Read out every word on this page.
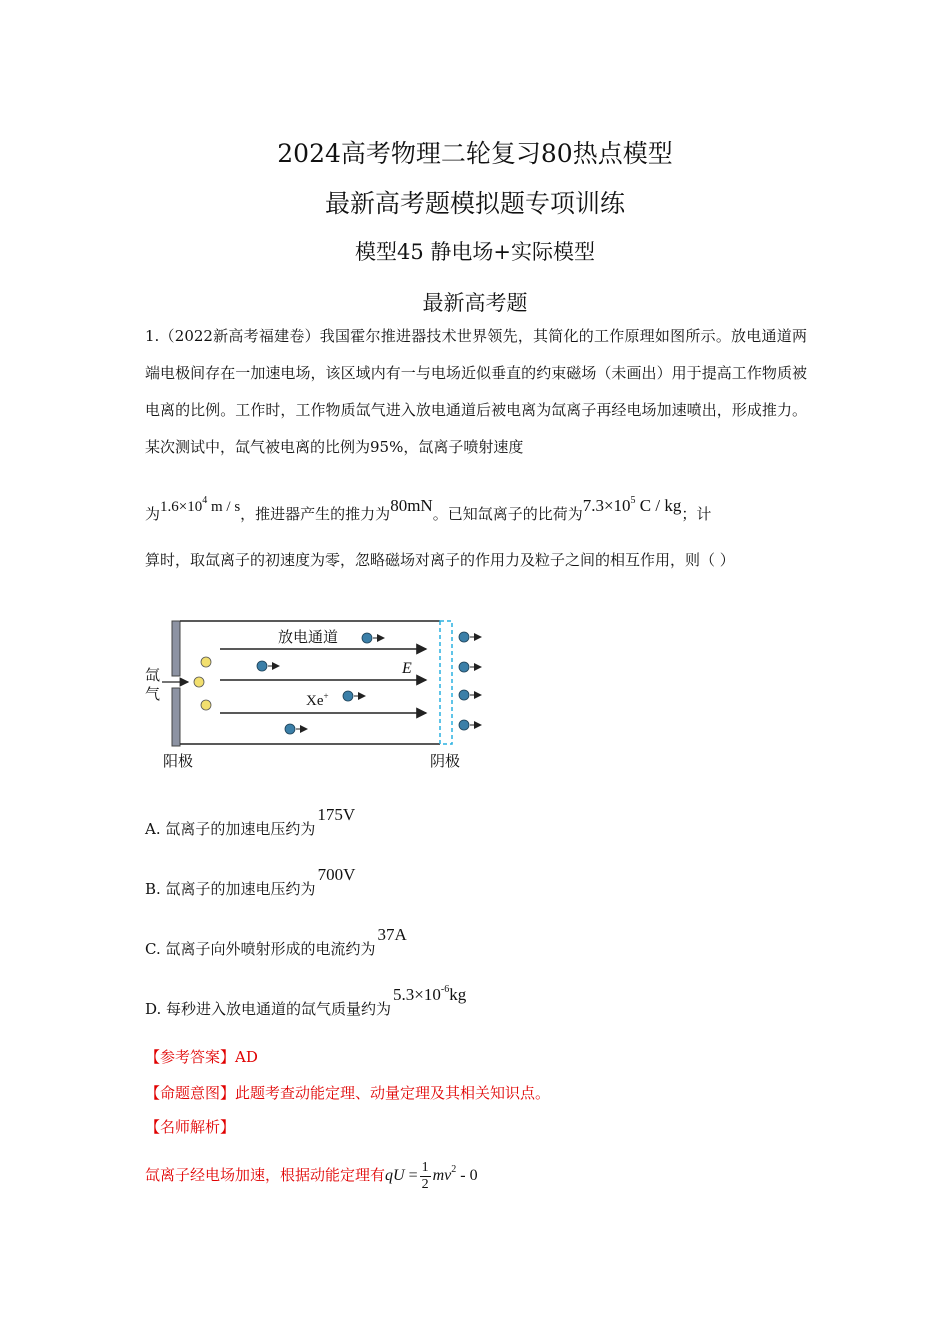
2024高考物理二轮复习80热点模型
最新高考题模拟题专项训练
模型45 静电场+实际模型
最新高考题
1.（2022新高考福建卷）我国霍尔推进器技术世界领先，其简化的工作原理如图所示。放电通道两端电极间存在一加速电场，该区域内有一与电场近似垂直的约束磁场（未画出）用于提高工作物质被电离的比例。工作时，工作物质氙气进入放电通道后被电离为氙离子再经电场加速喷出，形成推力。某次测试中，氙气被电离的比例为95%，氙离子喷射速度
为$1.6\times 10^4$ m / s，推进器产生的推力为80mN。已知氙离子的比荷为$7.3\times 10^5$ C / kg；计
算时，取氙离子的初速度为零，忽略磁场对离子的作用力及粒子之间的相互作用，则（ ）
放电通道
E
Xe+
氙
气
阳极	阴极
A. 氙离子的加速电压约为175V
B. 氙离子的加速电压约为700V
C. 氙离子向外喷射形成的电流约为37A
D. 每秒进入放电通道的氙气质量约为$5.3\times 10^{-6}kg$
【参考答案】AD
【命题意图】此题考查动能定理、动量定理及其相关知识点。
【名师解析】
氙离子经电场加速，根据动能定理有qU = $\frac{1}{2} mv^2 - 0$
